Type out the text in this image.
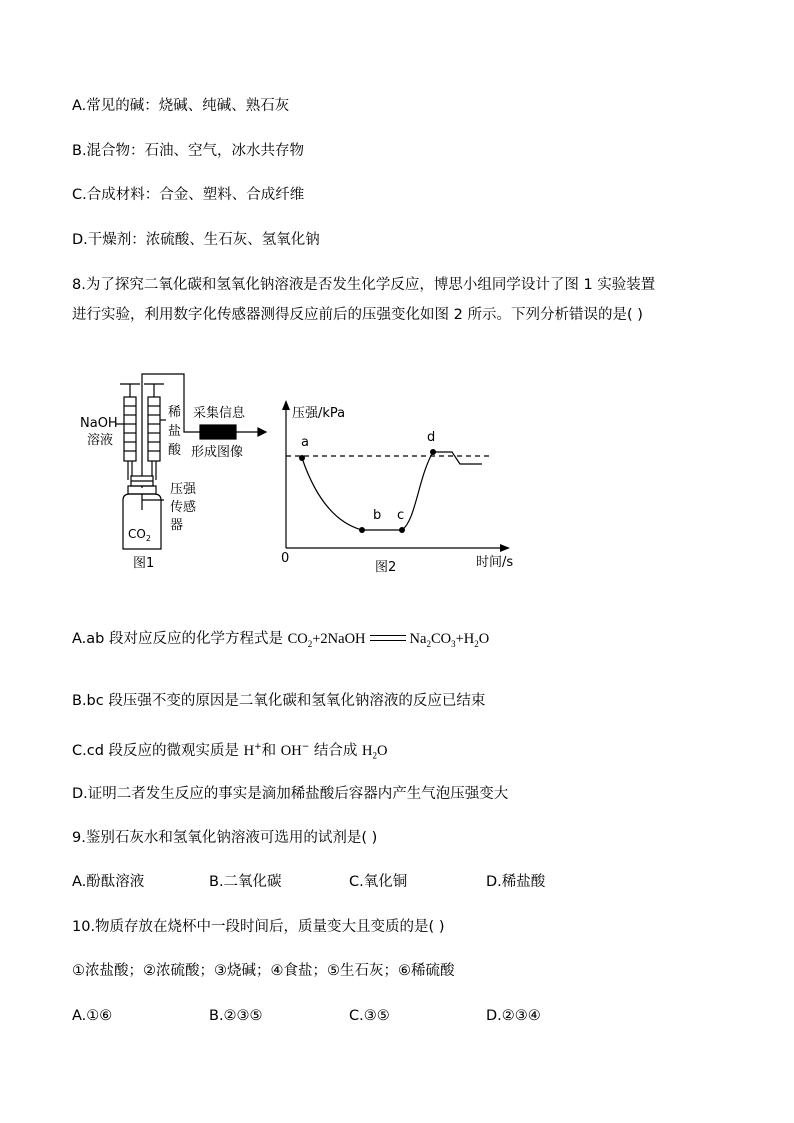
A.常见的碱：烧碱、纯碱、熟石灰
B.混合物：石油、空气，冰水共存物
C.合成材料：合金、塑料、合成纤维
D.干燥剂：浓硫酸、生石灰、氢氧化钠
8.为了探究二氧化碳和氢氧化钠溶液是否发生化学反应，博思小组同学设计了图 1 实验装置
进行实验，利用数字化传感器测得反应前后的压强变化如图 2 所示。下列分析错误的是( )
NaOH
溶液
稀
盐
酸
采集信息
形成图像
压强
传感
器
$CO_2$
图1
a
b c
d
压强/kPa
时间/s
0
图2
A.ab 段对应反应的化学方程式是 $CO_2+2NaOH$	$Na_2CO_3+H_2O$
B.bc 段压强不变的原因是二氧化碳和氢氧化钠溶液的反应已结束
C.cd 段反应的微观实质是 H+和 OH− 结合成 $H_2O$
D.证明二者发生反应的事实是滴加稀盐酸后容器内产生气泡压强变大
9.鉴别石灰水和氢氧化钠溶液可选用的试剂是( )
A.酚酞溶液	B.二氧化碳	C.氧化铜	D.稀盐酸
10.物质存放在烧杯中一段时间后，质量变大且变质的是( )
①浓盐酸；②浓硫酸；③烧碱；④食盐；⑤生石灰；⑥稀硫酸
A.①⑥	B.②③⑤	C.③⑤	D.②③④
